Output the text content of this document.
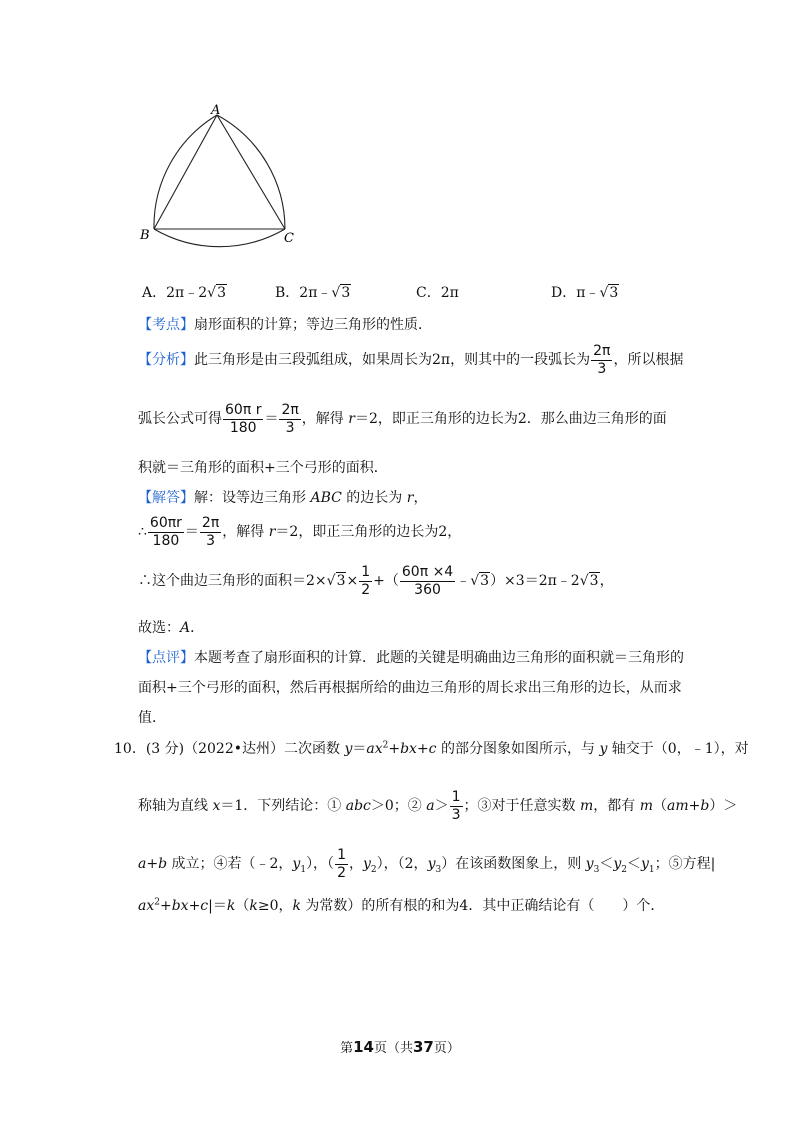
A
B	C
A．2π﹣2√3	B．2π﹣√3	C．2π	D．π﹣√3
【考点】扇形面积的计算；等边三角形的性质．
【分析】此三角形是由三段弧组成，如果周长为2π，则其中的一段弧长为 $\frac{2\pi}{3}$ ，所以根据
弧长公式可得 $\frac{\text{60π r}}{180} = \frac{2\pi}{3}$ ，解得 r＝2，即正三角形的边长为2．那么曲边三角形的面
积就＝三角形的面积+三个弓形的面积．
【解答】解：设等边三角形 ABC 的边长为 r，
∴ $\frac{60\pi r}{180} = \frac{2\pi}{3}$ ，解得 r＝2，即正三角形的边长为2，
∴这个曲边三角形的面积$=2\times√3\times \frac{1}{2}$ +（ $\frac{60\pi \times 4}{360}$ ﹣√3）×3＝2π﹣2√3，
故选：A．
【点评】本题考查了扇形面积的计算．此题的关键是明确曲边三角形的面积就＝三角形的
面积+三个弓形的面积，然后再根据所给的曲边三角形的周长求出三角形的边长，从而求
值．
10．(3 分)（2022•达州）二次函数 $y=ax^2+bx+c$ 的部分图象如图所示，与 y 轴交于（0，﹣1），对
称轴为直线 x＝1．下列结论：① abc＞0；② $a> \frac{1}{3}$ ；③对于任意实数 m，都有 m（am+b）＞
a+b 成立；④若（﹣2，$y_1$），（ $\frac{1}{2}$ ，$y_2$），（2，$y_3$）在该函数图象上，则 $y_3<y_2<y_1$；⑤方程|
$ax^2+bx+c|=k(k\ge 0$，k 为常数）的所有根的和为4．其中正确结论有（　　）个．
第14页（共37页）
